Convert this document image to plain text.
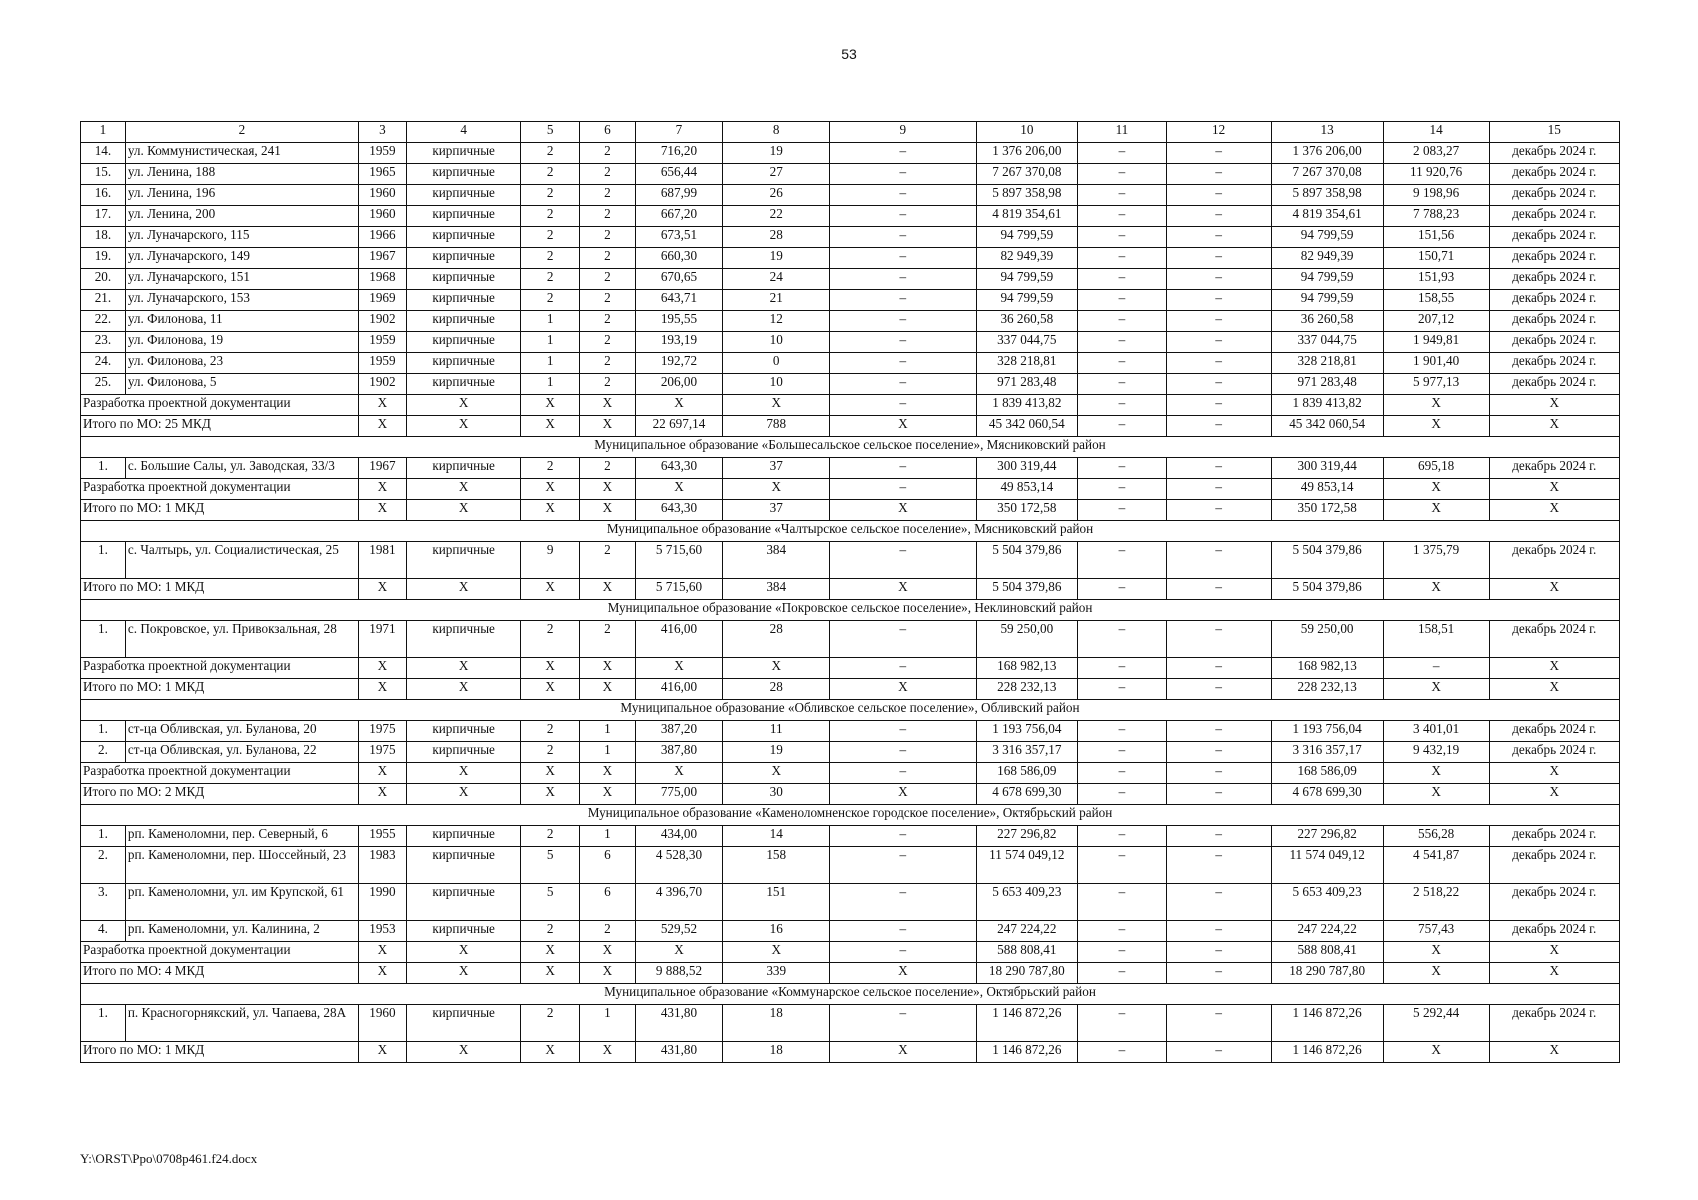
53
1	2	3	4	5	6	7	8	9	10	11	12	13	14	15
14.	ул. Коммунистическая, 241	1959	кирпичные	2	2	716,20	19	–	1 376 206,00	–	–	1 376 206,00	2 083,27	декабрь 2024 г.
15.	ул. Ленина, 188	1965	кирпичные	2	2	656,44	27	–	7 267 370,08	–	–	7 267 370,08	11 920,76	декабрь 2024 г.
16.	ул. Ленина, 196	1960	кирпичные	2	2	687,99	26	–	5 897 358,98	–	–	5 897 358,98	9 198,96	декабрь 2024 г.
17.	ул. Ленина, 200	1960	кирпичные	2	2	667,20	22	–	4 819 354,61	–	–	4 819 354,61	7 788,23	декабрь 2024 г.
18.	ул. Луначарского, 115	1966	кирпичные	2	2	673,51	28	–	94 799,59	–	–	94 799,59	151,56	декабрь 2024 г.
19.	ул. Луначарского, 149	1967	кирпичные	2	2	660,30	19	–	82 949,39	–	–	82 949,39	150,71	декабрь 2024 г.
20.	ул. Луначарского, 151	1968	кирпичные	2	2	670,65	24	–	94 799,59	–	–	94 799,59	151,93	декабрь 2024 г.
21.	ул. Луначарского, 153	1969	кирпичные	2	2	643,71	21	–	94 799,59	–	–	94 799,59	158,55	декабрь 2024 г.
22.	ул. Филонова, 11	1902	кирпичные	1	2	195,55	12	–	36 260,58	–	–	36 260,58	207,12	декабрь 2024 г.
23.	ул. Филонова, 19	1959	кирпичные	1	2	193,19	10	–	337 044,75	–	–	337 044,75	1 949,81	декабрь 2024 г.
24.	ул. Филонова, 23	1959	кирпичные	1	2	192,72	0	–	328 218,81	–	–	328 218,81	1 901,40	декабрь 2024 г.
25.	ул. Филонова, 5	1902	кирпичные	1	2	206,00	10	–	971 283,48	–	–	971 283,48	5 977,13	декабрь 2024 г.
Разработка проектной документации		X	X	X	X	X	X	–	1 839 413,82	–	–	1 839 413,82	X	X
Итого по МО: 25 МКД		X	X	X	X	22 697,14	788	X	45 342 060,54	–	–	45 342 060,54	X	X
Муниципальное образование «Большесальское сельское поселение», Мясниковский район														
1.	с. Большие Салы, ул. Заводская, 33/3	1967	кирпичные	2	2	643,30	37	–	300 319,44	–	–	300 319,44	695,18	декабрь 2024 г.
Разработка проектной документации		X	X	X	X	X	X	–	49 853,14	–	–	49 853,14	X	X
Итого по МО: 1 МКД		X	X	X	X	643,30	37	X	350 172,58	–	–	350 172,58	X	X
Муниципальное образование «Чалтырское сельское поселение», Мясниковский район														
1.	с. Чалтырь, ул. Социалистическая, 25	1981	кирпичные	9	2	5 715,60	384	–	5 504 379,86	–	–	5 504 379,86	1 375,79	декабрь 2024 г.
Итого по МО: 1 МКД		X	X	X	X	5 715,60	384	X	5 504 379,86	–	–	5 504 379,86	X	X
Муниципальное образование «Покровское сельское поселение», Неклиновский район														
1.	с. Покровское, ул. Привокзальная, 28	1971	кирпичные	2	2	416,00	28	–	59 250,00	–	–	59 250,00	158,51	декабрь 2024 г.
Разработка проектной документации		X	X	X	X	X	X	–	168 982,13	–	–	168 982,13	–	X
Итого по МО: 1 МКД		X	X	X	X	416,00	28	X	228 232,13	–	–	228 232,13	X	X
Муниципальное образование «Обливское сельское поселение», Обливский район														
1.	ст-ца Обливская, ул. Буланова, 20	1975	кирпичные	2	1	387,20	11	–	1 193 756,04	–	–	1 193 756,04	3 401,01	декабрь 2024 г.
2.	ст-ца Обливская, ул. Буланова, 22	1975	кирпичные	2	1	387,80	19	–	3 316 357,17	–	–	3 316 357,17	9 432,19	декабрь 2024 г.
Разработка проектной документации		X	X	X	X	X	X	–	168 586,09	–	–	168 586,09	X	X
Итого по МО: 2 МКД		X	X	X	X	775,00	30	X	4 678 699,30	–	–	4 678 699,30	X	X
Муниципальное образование «Каменоломненское городское поселение», Октябрьский район														
1.	рп. Каменоломни, пер. Северный, 6	1955	кирпичные	2	1	434,00	14	–	227 296,82	–	–	227 296,82	556,28	декабрь 2024 г.
2.	рп. Каменоломни, пер. Шоссейный, 23	1983	кирпичные	5	6	4 528,30	158	–	11 574 049,12	–	–	11 574 049,12	4 541,87	декабрь 2024 г.
3.	рп. Каменоломни, ул. им Крупской, 61	1990	кирпичные	5	6	4 396,70	151	–	5 653 409,23	–	–	5 653 409,23	2 518,22	декабрь 2024 г.
4.	рп. Каменоломни, ул. Калинина, 2	1953	кирпичные	2	2	529,52	16	–	247 224,22	–	–	247 224,22	757,43	декабрь 2024 г.
Разработка проектной документации		X	X	X	X	X	X	–	588 808,41	–	–	588 808,41	X	X
Итого по МО: 4 МКД		X	X	X	X	9 888,52	339	X	18 290 787,80	–	–	18 290 787,80	X	X
Муниципальное образование «Коммунарское сельское поселение», Октябрьский район														
1.	п. Красногорнякский, ул. Чапаева, 28А	1960	кирпичные	2	1	431,80	18	–	1 146 872,26	–	–	1 146 872,26	5 292,44	декабрь 2024 г.
Итого по МО: 1 МКД		X	X	X	X	431,80	18	X	1 146 872,26	–	–	1 146 872,26	X	X
Y:\ORST\Ppo\0708p461.f24.docx
